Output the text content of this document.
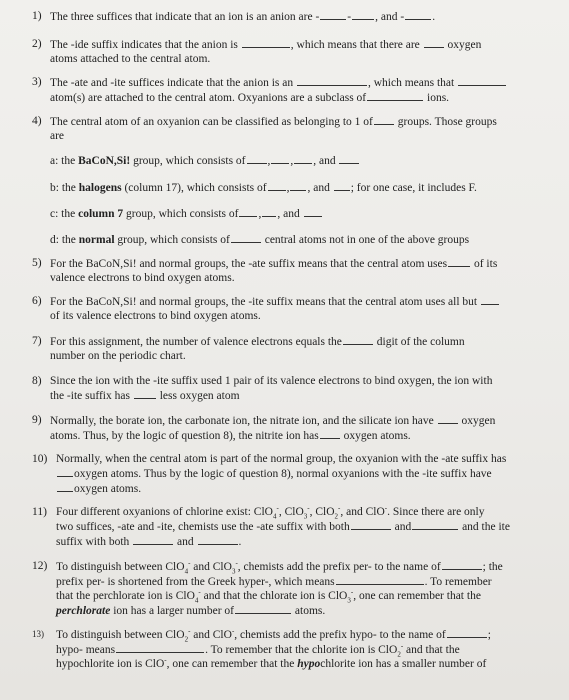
1) The three suffices that indicate that an ion is an anion are - - , and - .
2) The -ide suffix indicates that the anion is	, which means that there are oxygen
atoms attached to the central atom.
3) The -ate and -ite suffices indicate that the anion is an	, which means that
atom(s) are attached to the central atom. Oxyanions are a subclass of	ions.
4) The central atom of an oxyanion can be classified as belonging to 1 of groups. Those groups
are
a: the BaCoN,Si! group, which consists of , , , and
b: the halogens (column 17), which consists of , , and ; for one case, it includes F.
c: the column 7 group, which consists of , , and
d: the normal group, which consists of	central atoms not in one of the above groups
5) For the BaCoN,Si! and normal groups, the -ate suffix means that the central atom uses of its
valence electrons to bind oxygen atoms.
6) For the BaCoN,Si! and normal groups, the -ite suffix means that the central atom uses all but
of its valence electrons to bind oxygen atoms.
7) For this assignment, the number of valence electrons equals the	digit of the column
number on the periodic chart.
8) Since the ion with the -ite suffix used 1 pair of its valence electrons to bind oxygen, the ion with
the -ite suffix has	less oxygen atom
9) Normally, the borate ion, the carbonate ion, the nitrate ion, and the silicate ion have oxygen
atoms. Thus, by the logic of question 8), the nitrite ion has oxygen atoms.
10) Normally, when the central atom is part of the normal group, the oxyanion with the -ate suffix has
oxygen atoms. Thus by the logic of question 8), normal oxyanions with the -ite suffix have
oxygen atoms.
11) Four different oxyanions of chlorine exist: ClO$_4$-, ClO$_3$-, ClO$_2$-, and ClO-. Since there are only
two suffices, -ate and -ite, chemists use the -ate suffix with both	and	and the ite
suffix with both	and	.
12) To distinguish between ClO$_4$- and ClO$_3$-, chemists add the prefix per- to the name of	; the
prefix per- is shortened from the Greek hyper-, which means	. To remember
that the perchlorate ion is ClO$_4$- and that the chlorate ion is ClO$_3$-, one can remember that the
perchlorate ion has a larger number of	atoms.
13)	To distinguish between ClO$_2$- and ClO-, chemists add the prefix hypo- to the name of	;
hypo- means	. To remember that the chlorite ion is ClO$_2$- and that the
hypochlorite ion is ClO-, one can remember that the hypochlorite ion has a smaller number of
